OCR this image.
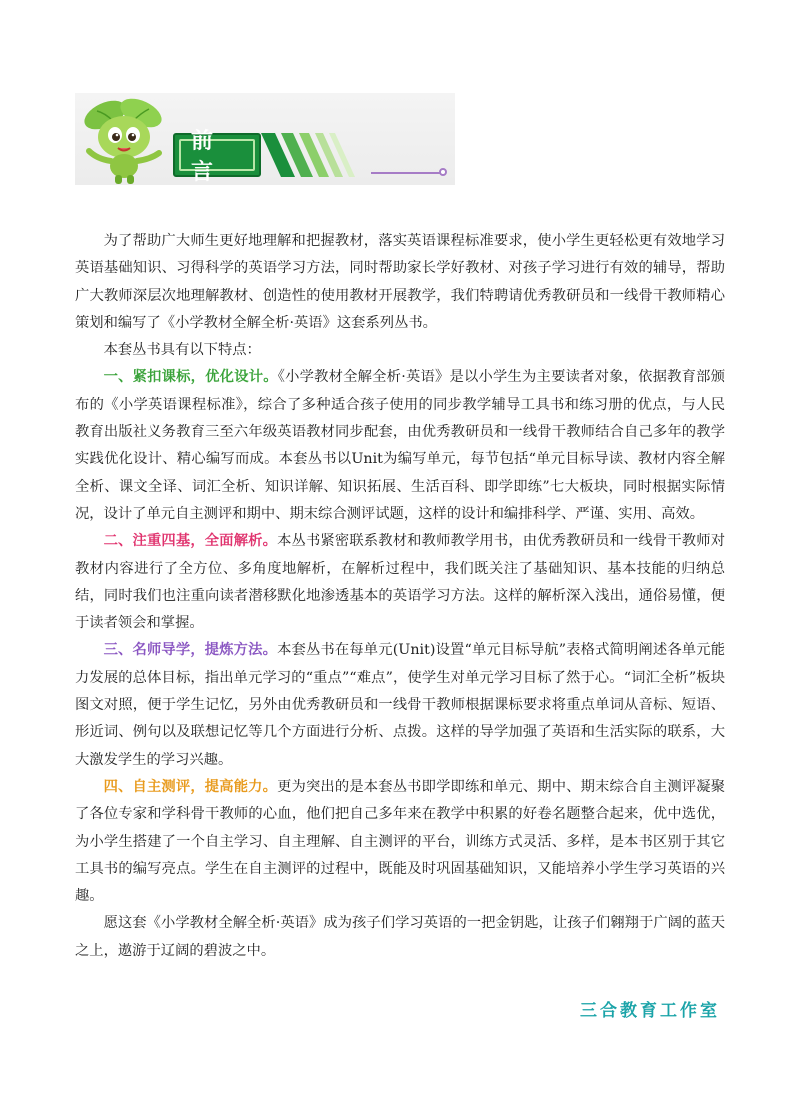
前言

为了帮助广大师生更好地理解和把握教材，落实英语课程标准要求，使小学生更轻松更有效地学习英语基础知识、习得科学的英语学习方法，同时帮助家长学好教材、对孩子学习进行有效的辅导，帮助广大教师深层次地理解教材、创造性的使用教材开展教学，我们特聘请优秀教研员和一线骨干教师精心策划和编写了《小学教材全解全析·英语》这套系列丛书。

本套丛书具有以下特点：

一、紧扣课标，优化设计。《小学教材全解全析·英语》是以小学生为主要读者对象，依据教育部颁布的《小学英语课程标准》，综合了多种适合孩子使用的同步教学辅导工具书和练习册的优点，与人民教育出版社义务教育三至六年级英语教材同步配套，由优秀教研员和一线骨干教师结合自己多年的教学实践优化设计、精心编写而成。本套丛书以Unit为编写单元，每节包括“单元目标导读、教材内容全解全析、课文全译、词汇全析、知识详解、知识拓展、生活百科、即学即练”七大板块，同时根据实际情况，设计了单元自主测评和期中、期末综合测评试题，这样的设计和编排科学、严谨、实用、高效。

二、注重四基，全面解析。本丛书紧密联系教材和教师教学用书，由优秀教研员和一线骨干教师对教材内容进行了全方位、多角度地解析，在解析过程中，我们既关注了基础知识、基本技能的归纳总结，同时我们也注重向读者潜移默化地渗透基本的英语学习方法。这样的解析深入浅出，通俗易懂，便于读者领会和掌握。

三、名师导学，提炼方法。本套丛书在每单元(Unit)设置“单元目标导航”表格式简明阐述各单元能力发展的总体目标，指出单元学习的“重点”“难点”，使学生对单元学习目标了然于心。“词汇全析”板块图文对照，便于学生记忆，另外由优秀教研员和一线骨干教师根据课标要求将重点单词从音标、短语、形近词、例句以及联想记忆等几个方面进行分析、点拨。这样的导学加强了英语和生活实际的联系，大大激发学生的学习兴趣。

四、自主测评，提高能力。更为突出的是本套丛书即学即练和单元、期中、期末综合自主测评凝聚了各位专家和学科骨干教师的心血，他们把自己多年来在教学中积累的好卷名题整合起来，优中选优，为小学生搭建了一个自主学习、自主理解、自主测评的平台，训练方式灵活、多样，是本书区别于其它工具书的编写亮点。学生在自主测评的过程中，既能及时巩固基础知识，又能培养小学生学习英语的兴趣。

愿这套《小学教材全解全析·英语》成为孩子们学习英语的一把金钥匙，让孩子们翱翔于广阔的蓝天之上，遨游于辽阔的碧波之中。

三合教育工作室
